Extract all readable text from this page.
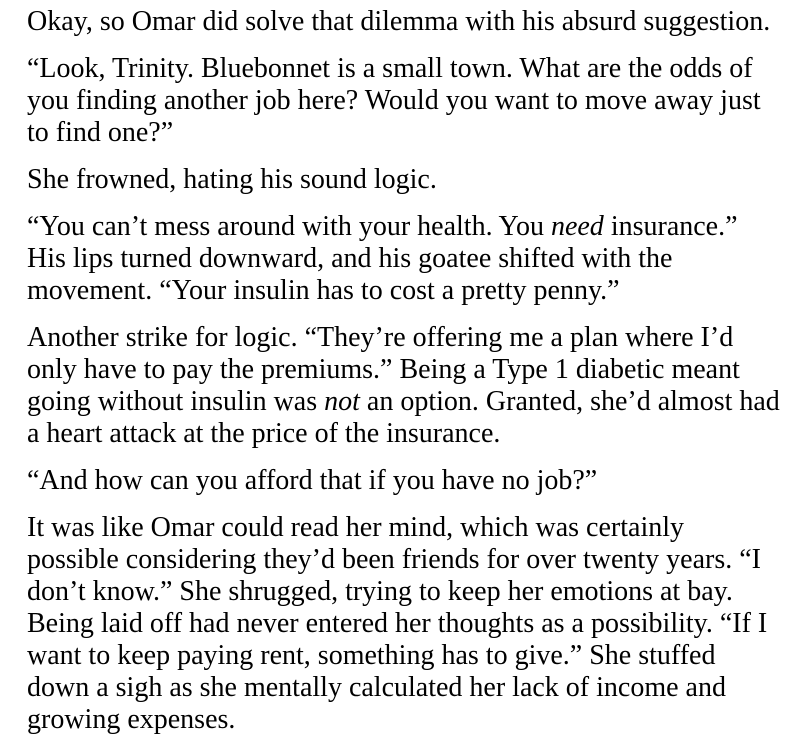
Okay, so Omar did solve that dilemma with his absurd suggestion.
“Look, Trinity. Bluebonnet is a small town. What are the odds of
you finding another job here? Would you want to move away just
to find one?”
She frowned, hating his sound logic.
“You can’t mess around with your health. You need insurance.”
His lips turned downward, and his goatee shifted with the
movement. “Your insulin has to cost a pretty penny.”
Another strike for logic. “They’re offering me a plan where I’d
only have to pay the premiums.” Being a Type 1 diabetic meant
going without insulin was not an option. Granted, she’d almost had
a heart attack at the price of the insurance.
“And how can you afford that if you have no job?”
It was like Omar could read her mind, which was certainly
possible considering they’d been friends for over twenty years. “I
don’t know.” She shrugged, trying to keep her emotions at bay.
Being laid off had never entered her thoughts as a possibility. “If I
want to keep paying rent, something has to give.” She stuffed
down a sigh as she mentally calculated her lack of income and
growing expenses.
